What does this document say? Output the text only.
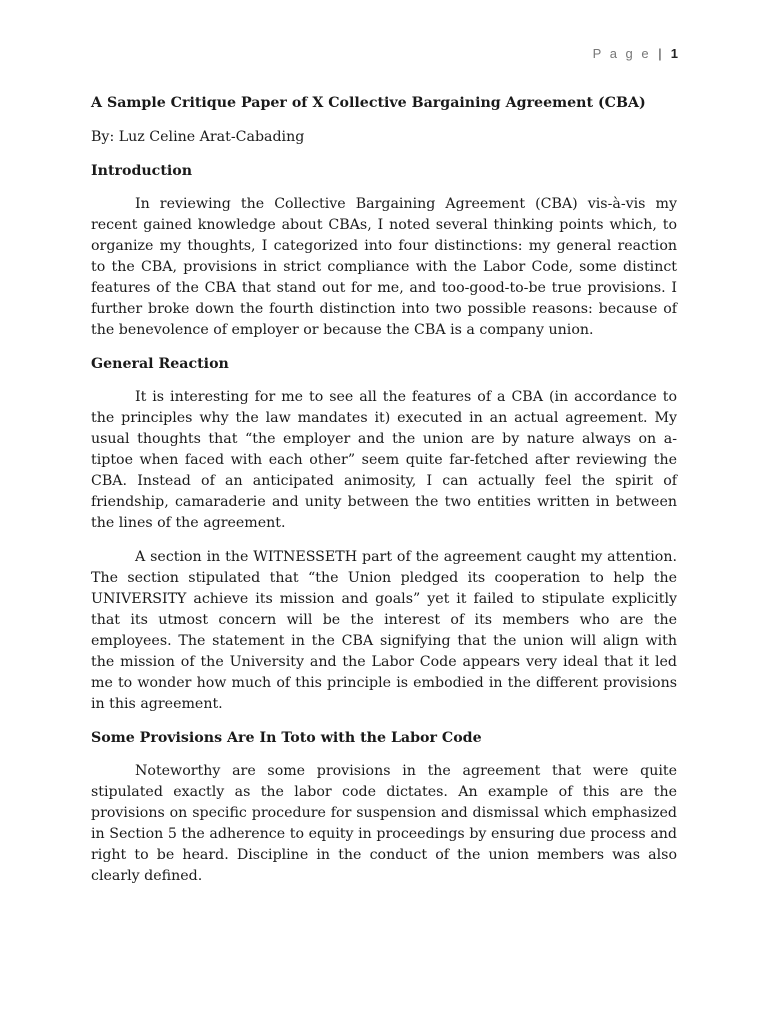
P a g e | 1
A Sample Critique Paper of X Collective Bargaining Agreement (CBA)
By: Luz Celine Arat-Cabading
Introduction

In reviewing the Collective Bargaining Agreement (CBA) vis-à-vis my recent gained knowledge about CBAs, I noted several thinking points which, to organize my thoughts, I categorized into four distinctions: my general reaction to the CBA, provisions in strict compliance with the Labor Code, some distinct features of the CBA that stand out for me, and too-good-to-be true provisions. I further broke down the fourth distinction into two possible reasons: because of the benevolence of employer or because the CBA is a company union.

General Reaction

It is interesting for me to see all the features of a CBA (in accordance to the principles why the law mandates it) executed in an actual agreement. My usual thoughts that “the employer and the union are by nature always on a-tiptoe when faced with each other” seem quite far-fetched after reviewing the CBA. Instead of an anticipated animosity, I can actually feel the spirit of friendship, camaraderie and unity between the two entities written in between the lines of the agreement.

A section in the WITNESSETH part of the agreement caught my attention. The section stipulated that “the Union pledged its cooperation to help the UNIVERSITY achieve its mission and goals” yet it failed to stipulate explicitly that its utmost concern will be the interest of its members who are the employees. The statement in the CBA signifying that the union will align with the mission of the University and the Labor Code appears very ideal that it led me to wonder how much of this principle is embodied in the different provisions in this agreement.

Some Provisions Are In Toto with the Labor Code

Noteworthy are some provisions in the agreement that were quite stipulated exactly as the labor code dictates. An example of this are the provisions on specific procedure for suspension and dismissal which emphasized in Section 5 the adherence to equity in proceedings by ensuring due process and right to be heard. Discipline in the conduct of the union members was also clearly defined.
